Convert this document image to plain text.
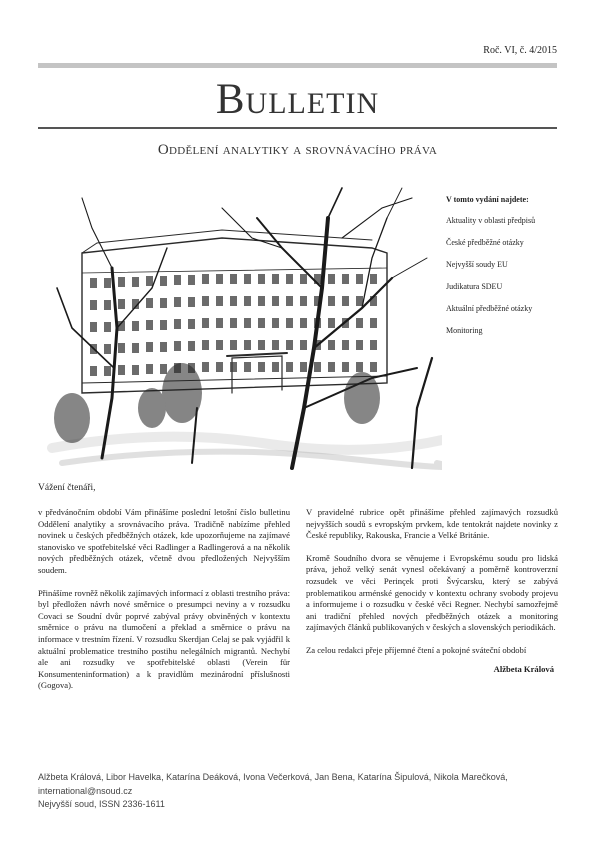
Roč. VI, č. 4/2015
Bulletin
Oddělení analytiky a srovnávacího práva
V tomto vydání najdete:
Aktuality v oblasti předpisů
České předběžné otázky
Nejvyšší soudy EU
Judikatura SDEU
Aktuální předběžné otázky
Monitoring
Vážení čtenáři,

v předvánočním období Vám přinášíme poslední letošní číslo bulletinu Oddělení analytiky a srovnávacího práva. Tradičně nabízíme přehled novinek u českých předběžných otázek, kde upozorňujeme na zajímavé stanovisko ve spotřebitelské věci Radlinger a Radlingerová a na několik nových předběžných otázek, včetně dvou předložených Nejvyšším soudem.

Přinášíme rovněž několik zajímavých informací z oblasti trestního práva: byl předložen návrh nové směrnice o presumpci neviny a v rozsudku Covaci se Soudní dvůr poprvé zabýval právy obviněných v kontextu směrnice o právu na tlumočení a překlad a směrnice o právu na informace v trestním řízení. V rozsudku Skerdjan Celaj se pak vyjádřil k aktuální problematice trestního postihu nelegálních migrantů. Nechybí ale ani rozsudky ve spotřebitelské oblasti (Verein für Konsumenteninformation) a k pravidlům mezinárodní příslušnosti (Gogova).

V pravidelné rubrice opět přinášíme přehled zajímavých rozsudků nejvyšších soudů s evropským prvkem, kde tentokrát najdete novinky z České republiky, Rakouska, Francie a Velké Británie.

Kromě Soudního dvora se věnujeme i Evropskému soudu pro lidská práva, jehož velký senát vynesl očekávaný a poměrně kontroverzní rozsudek ve věci Perinçek proti Švýcarsku, který se zabývá problematikou arménské genocidy v kontextu ochrany svobody projevu a informujeme i o rozsudku v české věci Regner. Nechybí samozřejmě ani tradiční přehled nových předběžných otázek a monitoring zajímavých článků publikovaných v českých a slovenských periodikách.

Za celou redakci přeje příjemné čtení a pokojné sváteční období

Alžbeta Králová
Alžbeta Králová, Libor Havelka, Katarína Deáková, Ivona Večerková, Jan Bena, Katarína Šipulová, Nikola Marečková, international@nsoud.cz
Nejvyšší soud, ISSN 2336-1611
